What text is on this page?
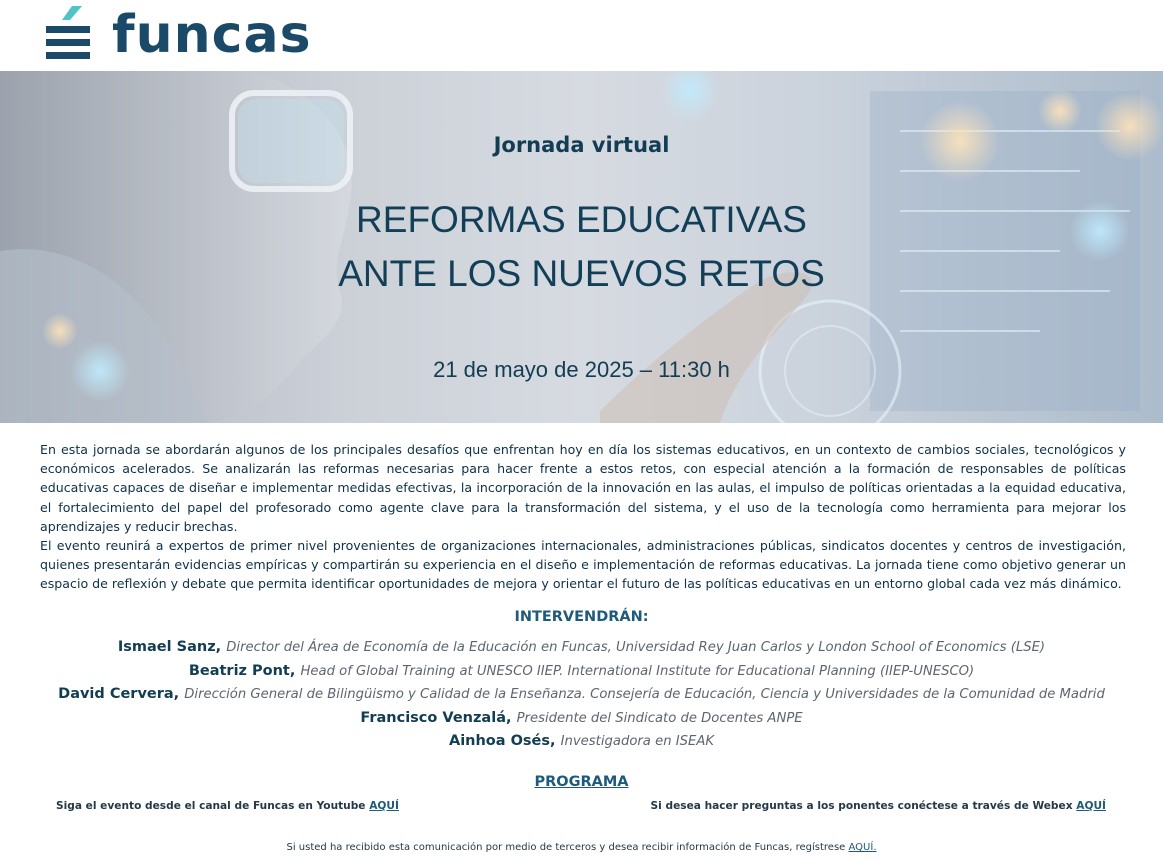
funcas
Jornada virtual
REFORMAS EDUCATIVAS
ANTE LOS NUEVOS RETOS
21 de mayo de 2025 – 11:30 h

En esta jornada se abordarán algunos de los principales desafíos que enfrentan hoy en día los sistemas educativos, en un contexto de cambios sociales, tecnológicos y económicos acelerados. Se analizarán las reformas necesarias para hacer frente a estos retos, con especial atención a la formación de responsables de políticas educativas capaces de diseñar e implementar medidas efectivas, la incorporación de la innovación en las aulas, el impulso de políticas orientadas a la equidad educativa, el fortalecimiento del papel del profesorado como agente clave para la transformación del sistema, y el uso de la tecnología como herramienta para mejorar los aprendizajes y reducir brechas.

El evento reunirá a expertos de primer nivel provenientes de organizaciones internacionales, administraciones públicas, sindicatos docentes y centros de investigación, quienes presentarán evidencias empíricas y compartirán su experiencia en el diseño e implementación de reformas educativas. La jornada tiene como objetivo generar un espacio de reflexión y debate que permita identificar oportunidades de mejora y orientar el futuro de las políticas educativas en un entorno global cada vez más dinámico.

INTERVENDRÁN:
Ismael Sanz, Director del Área de Economía de la Educación en Funcas, Universidad Rey Juan Carlos y London School of Economics (LSE)
Beatriz Pont, Head of Global Training at UNESCO IIEP. International Institute for Educational Planning (IIEP-UNESCO)
David Cervera, Dirección General de Bilingüismo y Calidad de la Enseñanza. Consejería de Educación, Ciencia y Universidades de la Comunidad de Madrid
Francisco Venzalá, Presidente del Sindicato de Docentes ANPE
Ainhoa Osés, Investigadora en ISEAK
PROGRAMA
Siga el evento desde el canal de Funcas en Youtube AQUÍ	Si desea hacer preguntas a los ponentes conéctese a través de Webex AQUÍ
Si usted ha recibido esta comunicación por medio de terceros y desea recibir información de Funcas, regístrese AQUÍ.
